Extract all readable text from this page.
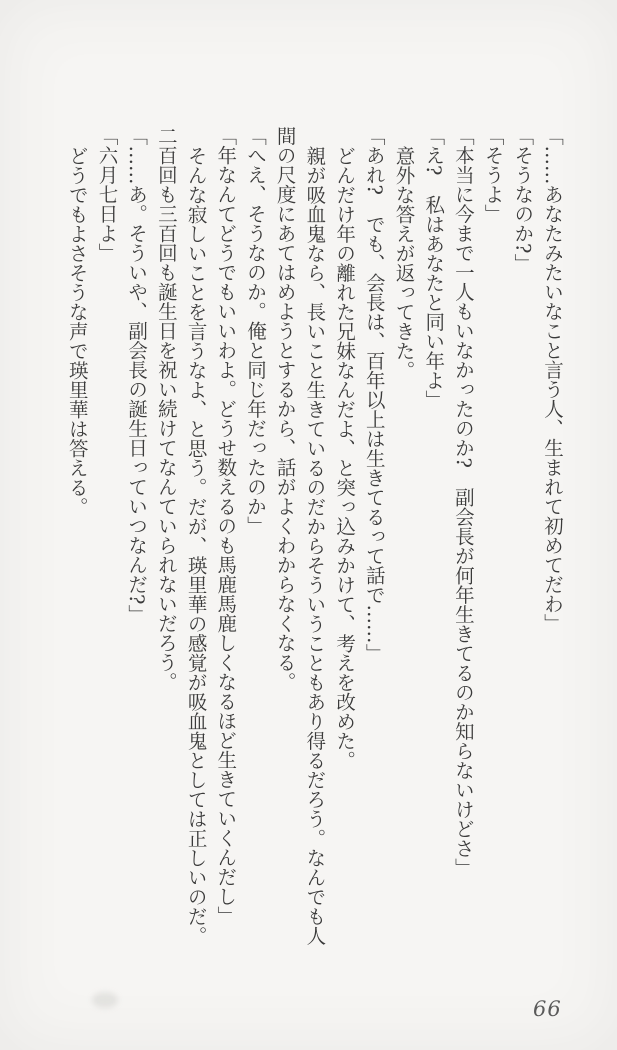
「……あなたみたいなこと言う人、生まれて初めてだわ」

「そうなのか?」

「そうよ」

「本当に今まで一人もいなかったのか?　副会長が何年生きてるのか知らないけどさ」

「え?　私はあなたと同い年よ」

意外な答えが返ってきた。

「あれ?　でも、会長は、百年以上は生きてるって話で……」

どんだけ年の離れた兄妹なんだよ、と突っ込みかけて、考えを改めた。

親が吸血鬼なら、長いこと生きているのだからそういうこともあり得るだろう。なんでも人間の尺度にあてはめようとするから、話がよくわからなくなる。

「へえ、そうなのか。俺と同じ年だったのか」

「年なんてどうでもいいわよ。どうせ数えるのも馬鹿馬鹿しくなるほど生きていくんだし」

そんな寂しいことを言うなよ、と思う。だが、瑛里華の感覚が吸血鬼としては正しいのだ。二百回も三百回も誕生日を祝い続けてなんていられないだろう。

「……あ。そういや、副会長の誕生日っていつなんだ?」

「六月七日よ」

どうでもよさそうな声で瑛里華は答える。

66
